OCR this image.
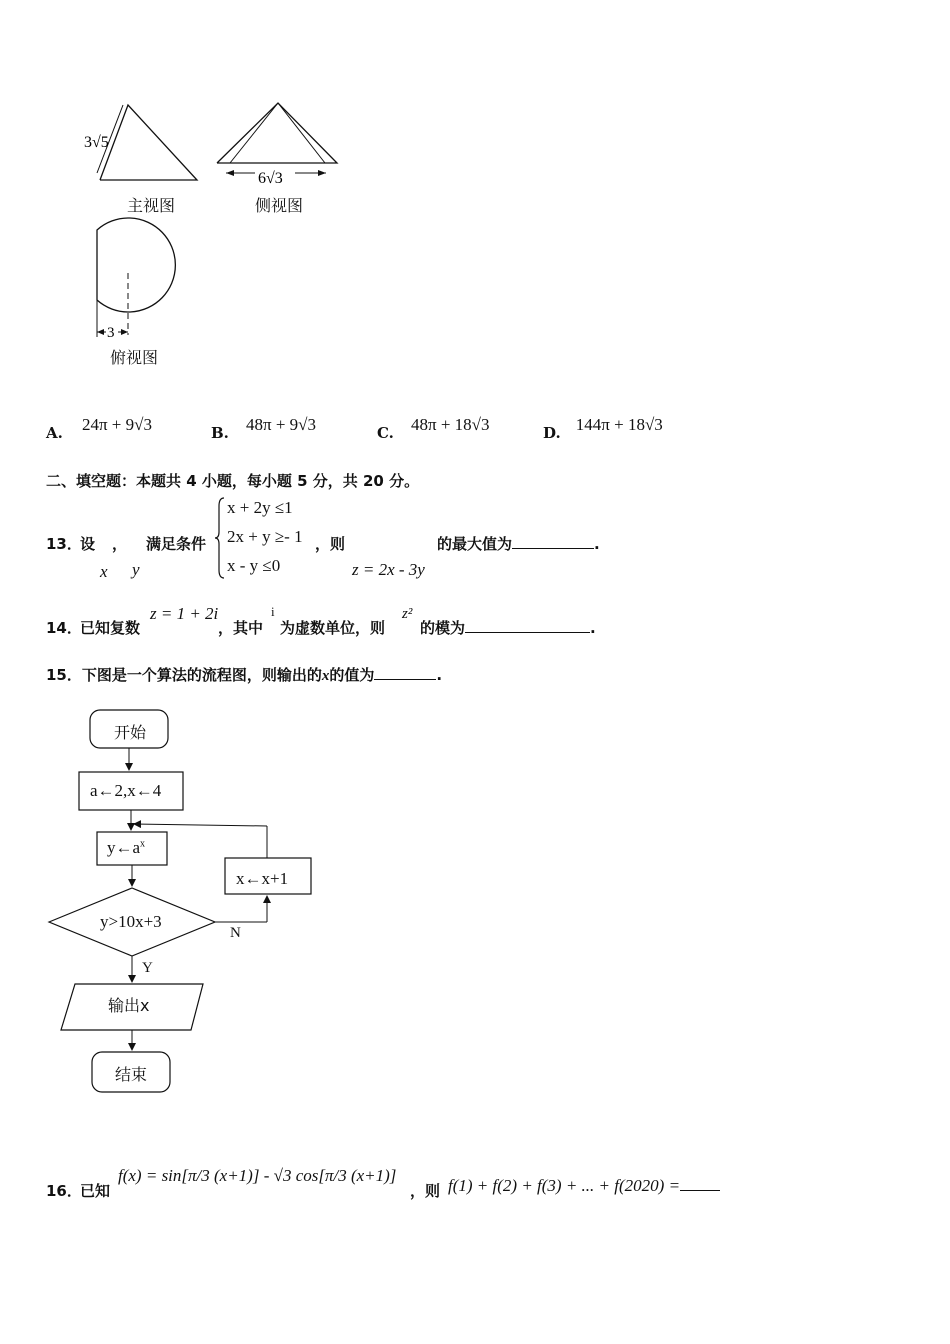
3√5
6√3
3
主视图	侧视图
俯视图
A. 24π + 9√3	B. 48π + 9√3	C. 48π + 18√3	D. 144π + 18√3
二、填空题：本题共 4 小题，每小题 5 分，共 20 分。
13．
设 ， 满足条件
x y
x + 2y ≤1
2x + y ≥- 1
x - y ≤0
，则
z = 2x - 3y
的最大值为	.
14．
已知复数
z = 1 + 2i
，其中
i
为虚数单位，则
z²
的模为	.
15．下图是一个算法的流程图，则输出的x的值为	.
开始
a←2,x←4
$y\leftarrow a^x$
y>10x+3
x←x+1
N
Y
输出x
结束
16．
已知
f(x) = sin[π/3 (x+1)] - √3 cos[π/3 (x+1)]
，则 f(1) + f(2) + f(3) + ... + f(2020) =
